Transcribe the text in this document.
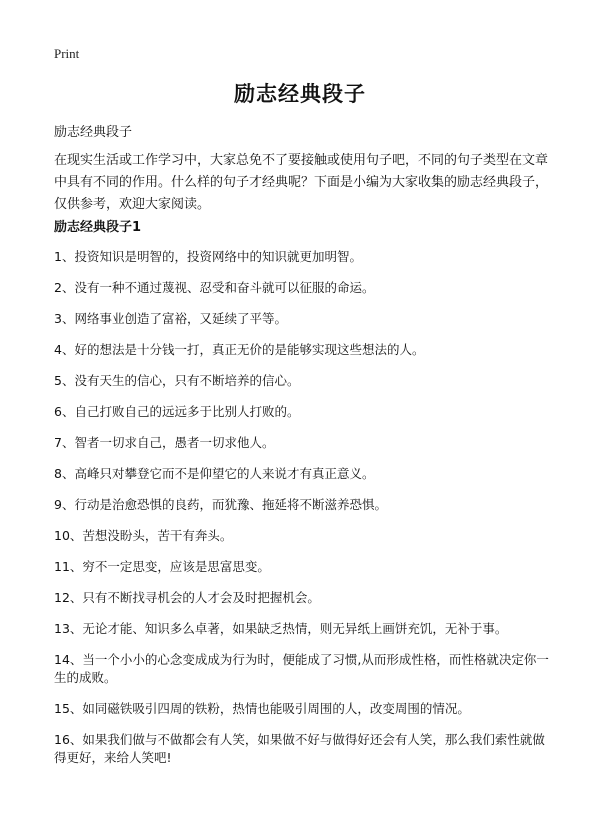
Print
励志经典段子
励志经典段子
在现实生活或工作学习中，大家总免不了要接触或使用句子吧，不同的句子类型在文章中具有不同的作用。什么样的句子才经典呢？下面是小编为大家收集的励志经典段子，仅供参考，欢迎大家阅读。
励志经典段子1
1、投资知识是明智的，投资网络中的知识就更加明智。
2、没有一种不通过蔑视、忍受和奋斗就可以征服的命运。
3、网络事业创造了富裕，又延续了平等。
4、好的想法是十分钱一打，真正无价的是能够实现这些想法的人。
5、没有天生的信心，只有不断培养的信心。
6、自己打败自己的远远多于比别人打败的。
7、智者一切求自己，愚者一切求他人。
8、高峰只对攀登它而不是仰望它的人来说才有真正意义。
9、行动是治愈恐惧的良药，而犹豫、拖延将不断滋养恐惧。
10、苦想没盼头，苦干有奔头。
11、穷不一定思变，应该是思富思变。
12、只有不断找寻机会的人才会及时把握机会。
13、无论才能、知识多么卓著，如果缺乏热情，则无异纸上画饼充饥，无补于事。
14、当一个小小的心念变成成为行为时，便能成了习惯,从而形成性格，而性格就决定你一生的成败。
15、如同磁铁吸引四周的铁粉，热情也能吸引周围的人，改变周围的情况。
16、如果我们做与不做都会有人笑，如果做不好与做得好还会有人笑，那么我们索性就做得更好，来给人笑吧!
